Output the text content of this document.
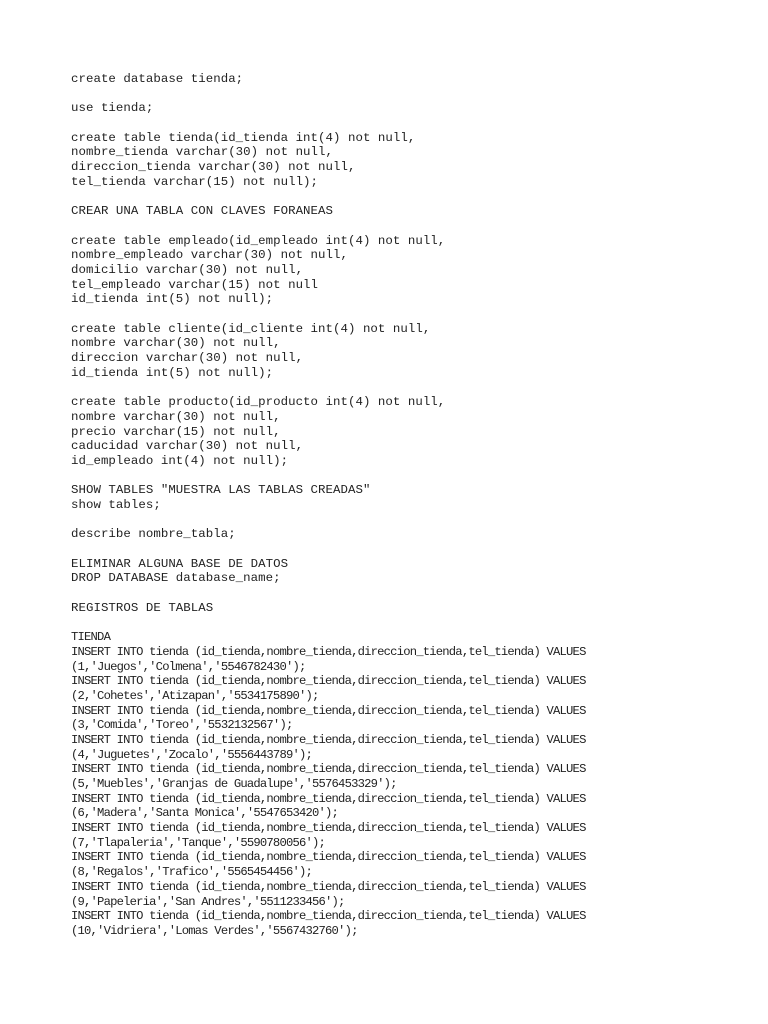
create database tienda;
use tienda;
create table tienda(id_tienda int(4) not null,
nombre_tienda varchar(30) not null,
direccion_tienda varchar(30) not null,
tel_tienda varchar(15) not null);
CREAR UNA TABLA CON CLAVES FORANEAS
create table empleado(id_empleado int(4) not null,
nombre_empleado varchar(30) not null,
domicilio varchar(30) not null,
tel_empleado varchar(15) not null
id_tienda int(5) not null);
create table cliente(id_cliente int(4) not null,
nombre varchar(30) not null,
direccion varchar(30) not null,
id_tienda int(5) not null);
create table producto(id_producto int(4) not null,
nombre varchar(30) not null,
precio varchar(15) not null,
caducidad varchar(30) not null,
id_empleado int(4) not null);
SHOW TABLES "MUESTRA LAS TABLAS CREADAS"
show tables;
describe nombre_tabla;
ELIMINAR ALGUNA BASE DE DATOS
DROP DATABASE database_name;
REGISTROS DE TABLAS
TIENDA
INSERT INTO tienda (id_tienda,nombre_tienda,direccion_tienda,tel_tienda) VALUES
(1,'Juegos','Colmena','5546782430');
INSERT INTO tienda (id_tienda,nombre_tienda,direccion_tienda,tel_tienda) VALUES
(2,'Cohetes','Atizapan','5534175890');
INSERT INTO tienda (id_tienda,nombre_tienda,direccion_tienda,tel_tienda) VALUES
(3,'Comida','Toreo','5532132567');
INSERT INTO tienda (id_tienda,nombre_tienda,direccion_tienda,tel_tienda) VALUES
(4,'Juguetes','Zocalo','5556443789');
INSERT INTO tienda (id_tienda,nombre_tienda,direccion_tienda,tel_tienda) VALUES
(5,'Muebles','Granjas de Guadalupe','5576453329');
INSERT INTO tienda (id_tienda,nombre_tienda,direccion_tienda,tel_tienda) VALUES
(6,'Madera','Santa Monica','5547653420');
INSERT INTO tienda (id_tienda,nombre_tienda,direccion_tienda,tel_tienda) VALUES
(7,'Tlapaleria','Tanque','5590780056');
INSERT INTO tienda (id_tienda,nombre_tienda,direccion_tienda,tel_tienda) VALUES
(8,'Regalos','Trafico','5565454456');
INSERT INTO tienda (id_tienda,nombre_tienda,direccion_tienda,tel_tienda) VALUES
(9,'Papeleria','San Andres','5511233456');
INSERT INTO tienda (id_tienda,nombre_tienda,direccion_tienda,tel_tienda) VALUES
(10,'Vidriera','Lomas Verdes','5567432760');
